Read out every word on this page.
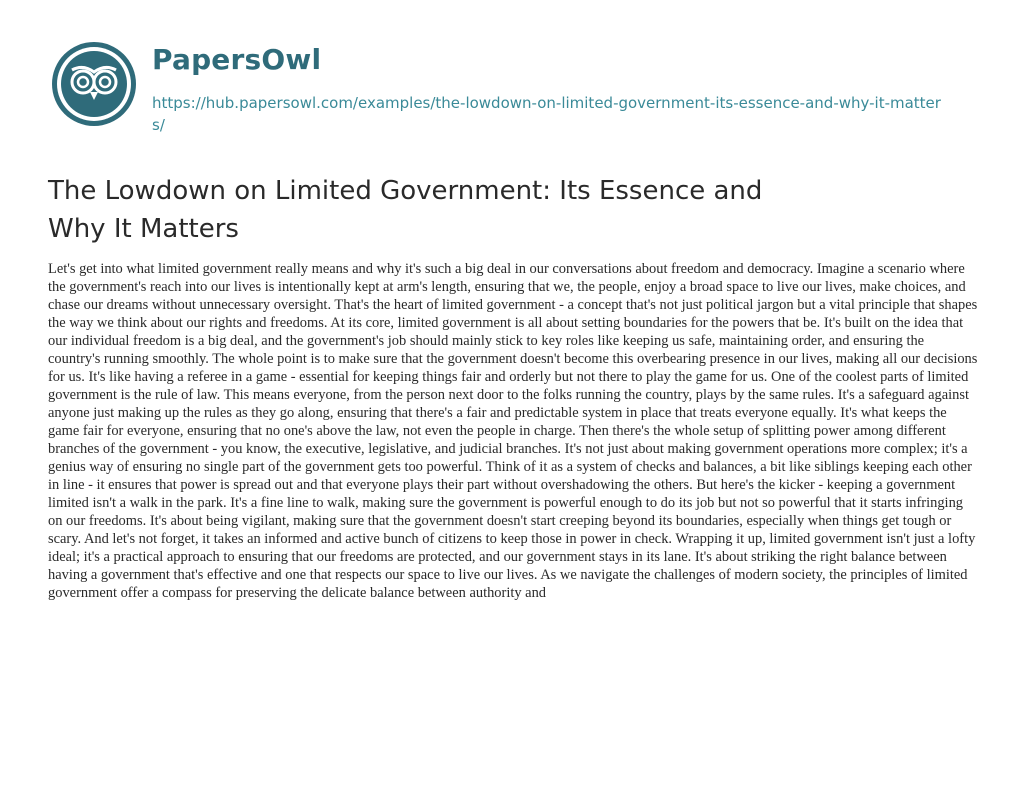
PapersOwl
https://hub.papersowl.com/examples/the-lowdown-on-limited-government-its-essence-and-why-it-matters/
The Lowdown on Limited Government: Its Essence and Why It Matters

Let's get into what limited government really means and why it's such a big deal in our conversations about freedom and democracy. Imagine a scenario where the government's reach into our lives is intentionally kept at arm's length, ensuring that we, the people, enjoy a broad space to live our lives, make choices, and chase our dreams without unnecessary oversight. That's the heart of limited government - a concept that's not just political jargon but a vital principle that shapes the way we think about our rights and freedoms. At its core, limited government is all about setting boundaries for the powers that be. It's built on the idea that our individual freedom is a big deal, and the government's job should mainly stick to key roles like keeping us safe, maintaining order, and ensuring the country's running smoothly. The whole point is to make sure that the government doesn't become this overbearing presence in our lives, making all our decisions for us. It's like having a referee in a game - essential for keeping things fair and orderly but not there to play the game for us. One of the coolest parts of limited government is the rule of law. This means everyone, from the person next door to the folks running the country, plays by the same rules. It's a safeguard against anyone just making up the rules as they go along, ensuring that there's a fair and predictable system in place that treats everyone equally. It's what keeps the game fair for everyone, ensuring that no one's above the law, not even the people in charge. Then there's the whole setup of splitting power among different branches of the government - you know, the executive, legislative, and judicial branches. It's not just about making government operations more complex; it's a genius way of ensuring no single part of the government gets too powerful. Think of it as a system of checks and balances, a bit like siblings keeping each other in line - it ensures that power is spread out and that everyone plays their part without overshadowing the others. But here's the kicker - keeping a government limited isn't a walk in the park. It's a fine line to walk, making sure the government is powerful enough to do its job but not so powerful that it starts infringing on our freedoms. It's about being vigilant, making sure that the government doesn't start creeping beyond its boundaries, especially when things get tough or scary. And let's not forget, it takes an informed and active bunch of citizens to keep those in power in check. Wrapping it up, limited government isn't just a lofty ideal; it's a practical approach to ensuring that our freedoms are protected, and our government stays in its lane. It's about striking the right balance between having a government that's effective and one that respects our space to live our lives. As we navigate the challenges of modern society, the principles of limited government offer a compass for preserving the delicate balance between authority and
